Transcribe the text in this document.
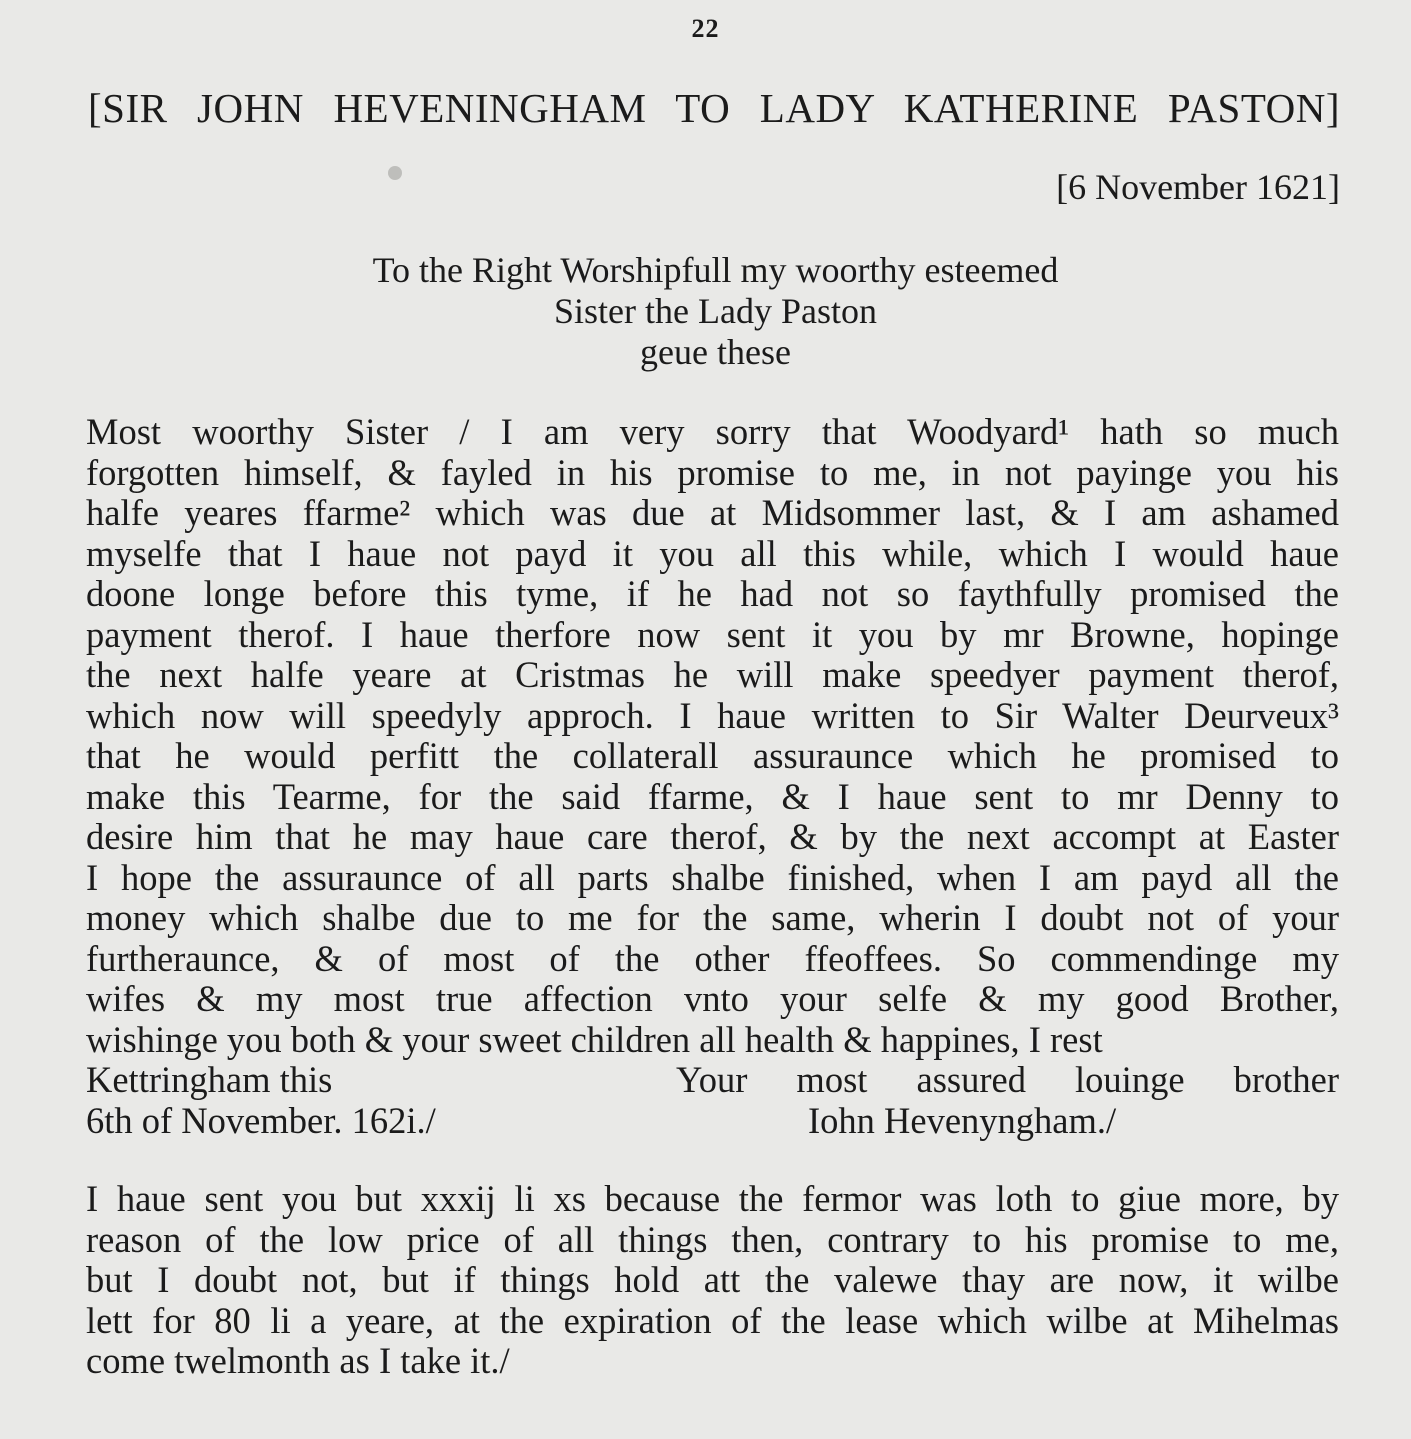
22
[SIR JOHN HEVENINGHAM TO LADY KATHERINE PASTON]
[6 November 1621]
To the Right Worshipfull my woorthy esteemed
Sister the Lady Paston
geue these
Most woorthy Sister / I am very sorry that Woodyard¹ hath so much
forgotten himself, & fayled in his promise to me, in not payinge you his
halfe yeares ffarme² which was due at Midsommer last, & I am ashamed
myselfe that I haue not payd it you all this while, which I would haue
doone longe before this tyme, if he had not so faythfully promised the
payment therof. I haue therfore now sent it you by mr Browne, hopinge
the next halfe yeare at Cristmas he will make speedyer payment therof,
which now will speedyly approch. I haue written to Sir Walter Deurveux³
that he would perfitt the collaterall assuraunce which he promised to
make this Tearme, for the said ffarme, & I haue sent to mr Denny to
desire him that he may haue care therof, & by the next accompt at Easter
I hope the assuraunce of all parts shalbe finished, when I am payd all the
money which shalbe due to me for the same, wherin I doubt not of your
furtheraunce, & of most of the other ffeoffees. So commendinge my
wifes & my most true affection vnto your selfe & my good Brother,
wishinge you both & your sweet children all health & happines, I rest
Kettringham this	Your most assured louinge brother
6th of November. 162i./	Iohn Hevenyngham./
I haue sent you but xxxij li xs because the fermor was loth to giue more, by
reason of the low price of all things then, contrary to his promise to me,
but I doubt not, but if things hold att the valewe thay are now, it wilbe
lett for 80 li a yeare, at the expiration of the lease which wilbe at Mihelmas
come twelmonth as I take it./
